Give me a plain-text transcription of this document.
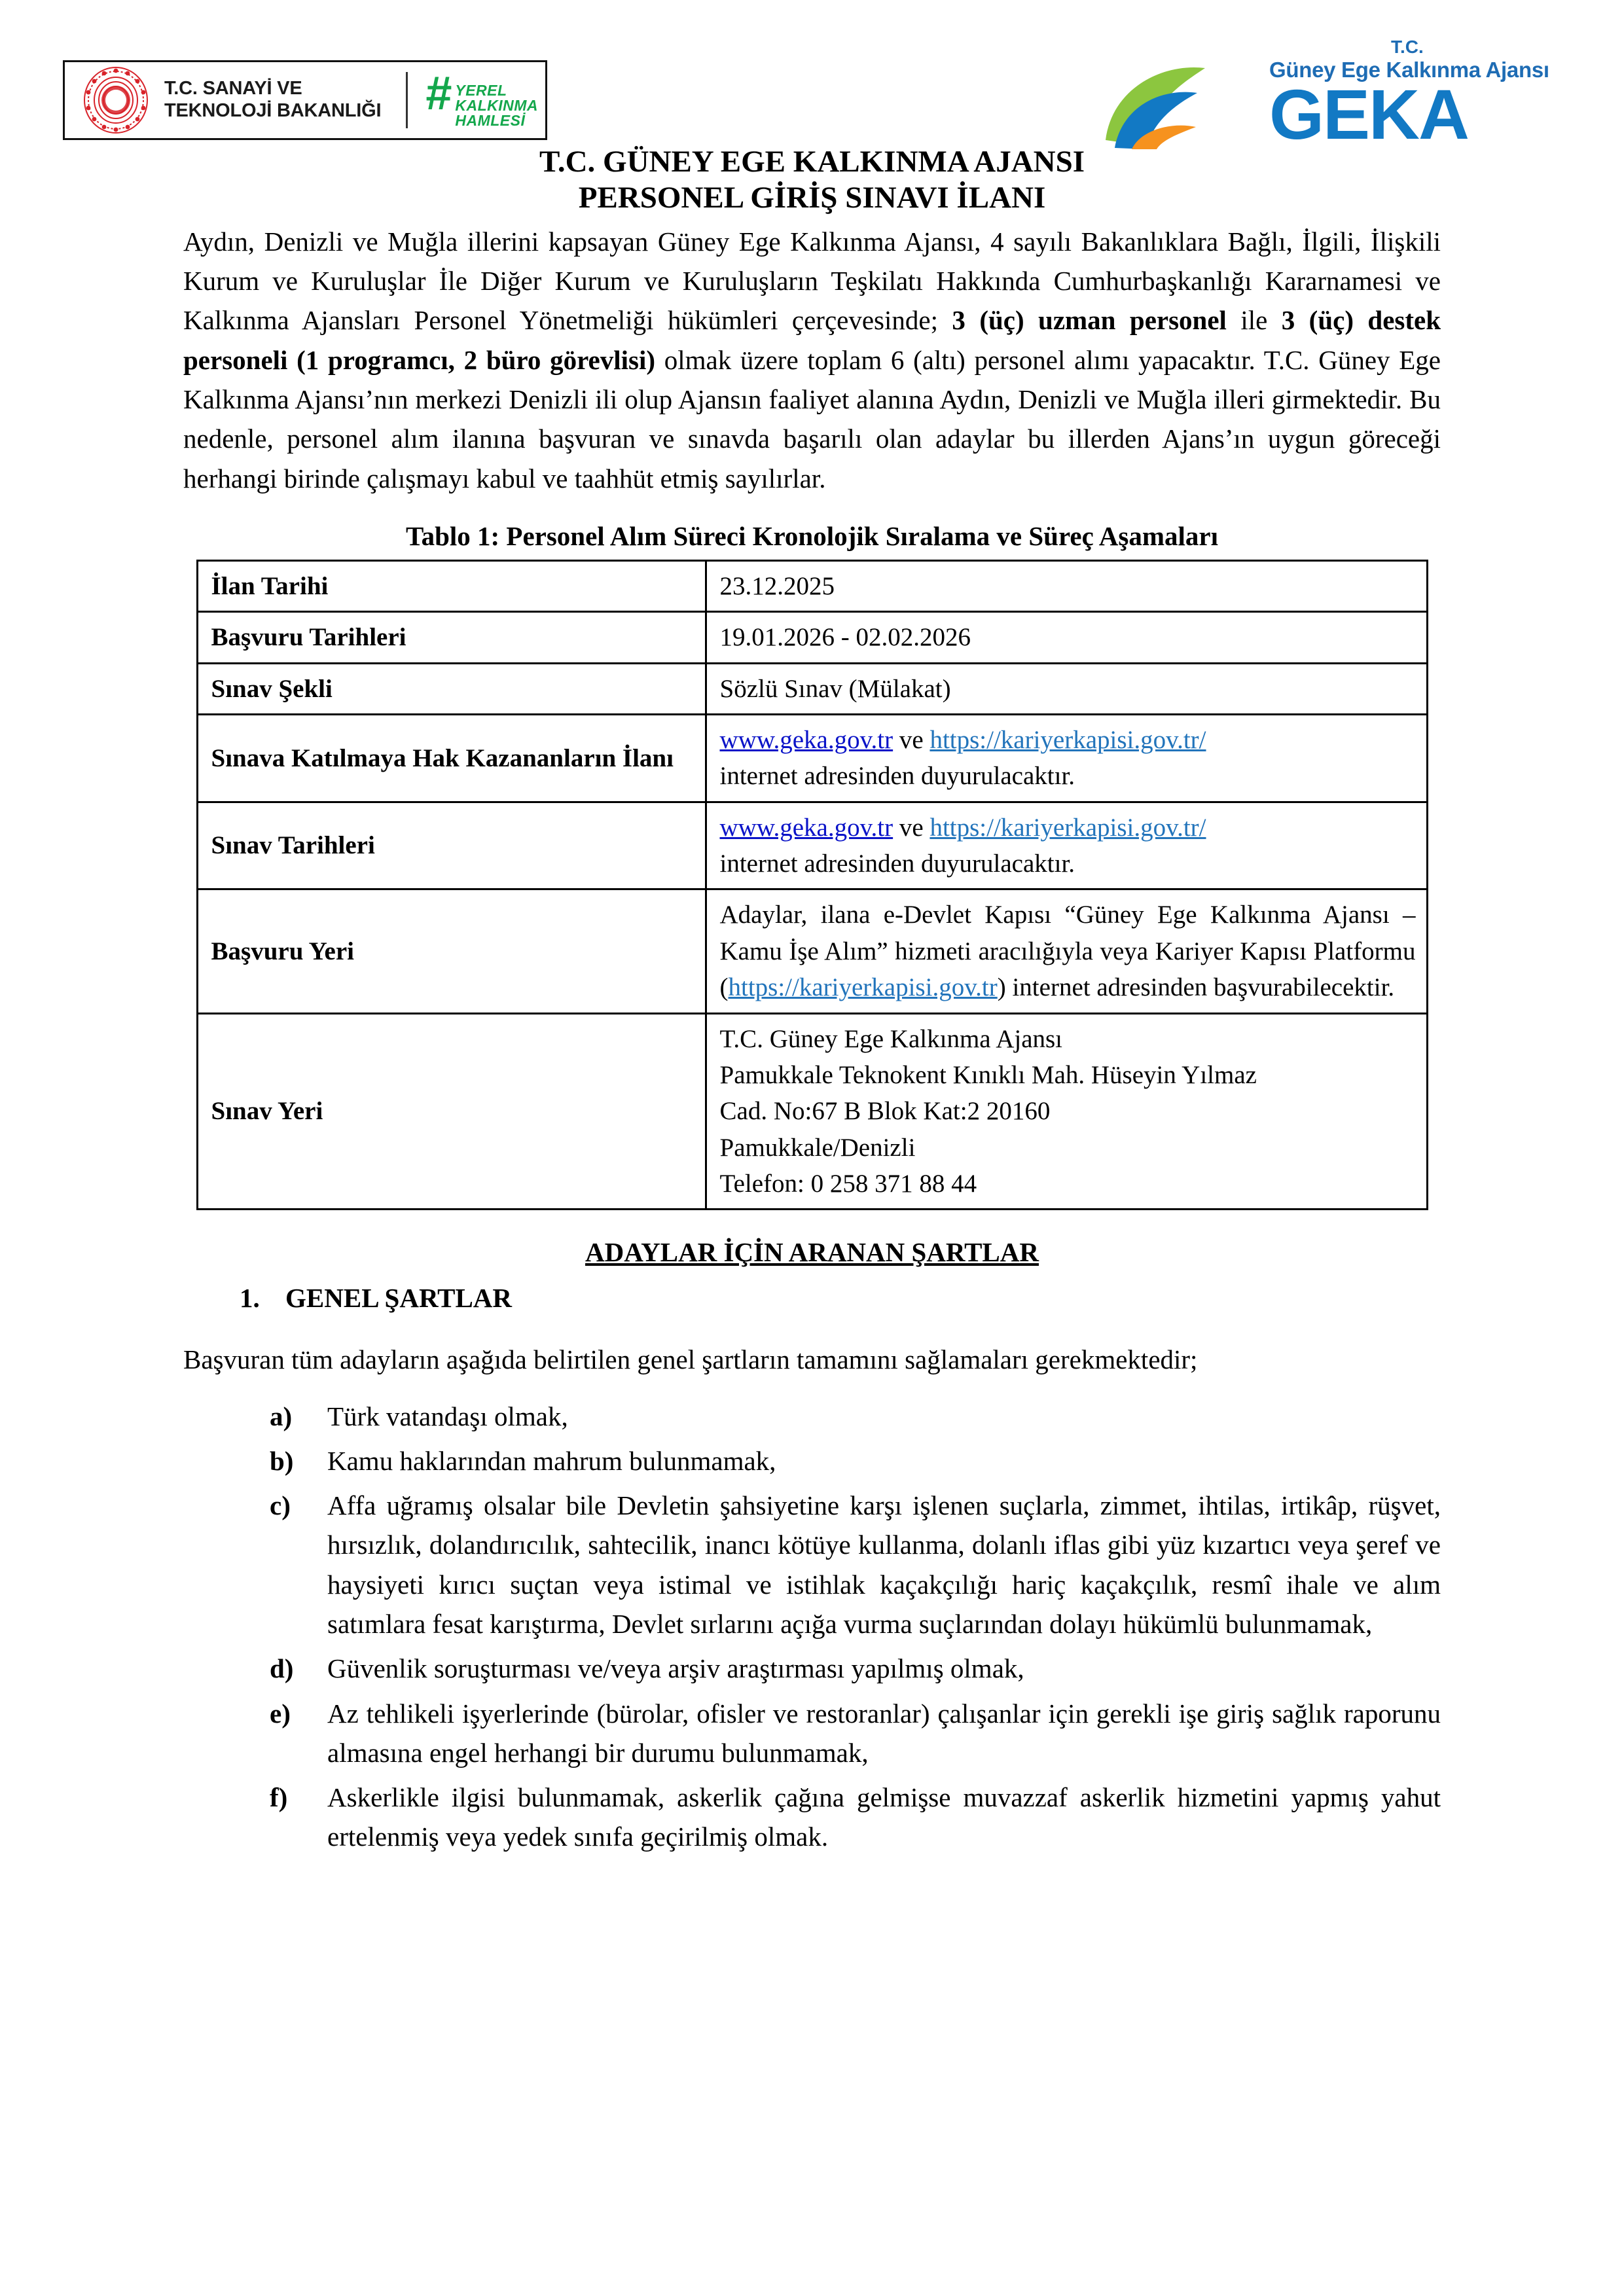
T.C. SANAYİ VE
TEKNOLOJİ BAKANLIĞI # YEREL
KALKINMA
HAMLESİ
T.C.
Güney Ege Kalkınma Ajansı
GEKA
T.C. GÜNEY EGE KALKINMA AJANSI
PERSONEL GİRİŞ SINAVI İLANI

Aydın, Denizli ve Muğla illerini kapsayan Güney Ege Kalkınma Ajansı, 4 sayılı Bakanlıklara Bağlı, İlgili, İlişkili Kurum ve Kuruluşlar İle Diğer Kurum ve Kuruluşların Teşkilatı Hakkında Cumhurbaşkanlığı Kararnamesi ve Kalkınma Ajansları Personel Yönetmeliği hükümleri çerçevesinde; 3 (üç) uzman personel ile 3 (üç) destek personeli (1 programcı, 2 büro görevlisi) olmak üzere toplam 6 (altı) personel alımı yapacaktır. T.C. Güney Ege Kalkınma Ajansı’nın merkezi Denizli ili olup Ajansın faaliyet alanına Aydın, Denizli ve Muğla illeri girmektedir. Bu nedenle, personel alım ilanına başvuran ve sınavda başarılı olan adaylar bu illerden Ajans’ın uygun göreceği herhangi birinde çalışmayı kabul ve taahhüt etmiş sayılırlar.

Tablo 1: Personel Alım Süreci Kronolojik Sıralama ve Süreç Aşamaları
İlan Tarihi	23.12.2025
Başvuru Tarihleri	19.01.2026 - 02.02.2026
Sınav Şekli	Sözlü Sınav (Mülakat)
Sınava Katılmaya Hak Kazananların İlanı	www.geka.gov.tr ve https://kariyerkapisi.gov.tr/
internet adresinden duyurulacaktır.

Sınav Tarihleri	www.geka.gov.tr ve https://kariyerkapisi.gov.tr/
internet adresinden duyurulacaktır.

Başvuru Yeri	Adaylar, ilana e-Devlet Kapısı “Güney Ege Kalkınma Ajansı –Kamu İşe Alım” hizmeti aracılığıyla veya Kariyer Kapısı Platformu (https://kariyerkapisi.gov.tr) internet adresinden başvurabilecektir.
Sınav Yeri	T.C. Güney Ege Kalkınma Ajansı
Pamukkale Teknokent Kınıklı Mah. Hüseyin Yılmaz
Cad. No:67 B Blok Kat:2 20160
Pamukkale/Denizli
Telefon: 0 258 371 88 44
ADAYLAR İÇİN ARANAN ŞARTLAR
1. GENEL ŞARTLAR

Başvuran tüm adayların aşağıda belirtilen genel şartların tamamını sağlamaları gerekmektedir;

a)	Türk vatandaşı olmak,
b)	Kamu haklarından mahrum bulunmamak,
c)	Affa uğramış olsalar bile Devletin şahsiyetine karşı işlenen suçlarla, zimmet, ihtilas, irtikâp, rüşvet, hırsızlık, dolandırıcılık, sahtecilik, inancı kötüye kullanma, dolanlı iflas gibi yüz kızartıcı veya şeref ve haysiyeti kırıcı suçtan veya istimal ve istihlak kaçakçılığı hariç kaçakçılık, resmî ihale ve alım satımlara fesat karıştırma, Devlet sırlarını açığa vurma suçlarından dolayı hükümlü bulunmamak,
d)	Güvenlik soruşturması ve/veya arşiv araştırması yapılmış olmak,
e)	Az tehlikeli işyerlerinde (bürolar, ofisler ve restoranlar) çalışanlar için gerekli işe giriş sağlık raporunu almasına engel herhangi bir durumu bulunmamak,
f)	Askerlikle ilgisi bulunmamak, askerlik çağına gelmişse muvazzaf askerlik hizmetini yapmış yahut ertelenmiş veya yedek sınıfa geçirilmiş olmak.
